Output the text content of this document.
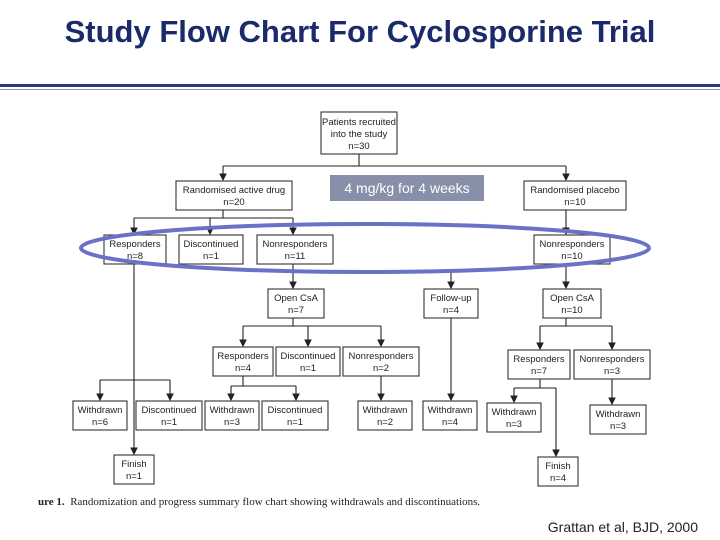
Study Flow Chart For Cyclosporine Trial
Patients recruited
into the study
n=30
Randomised active drug
n=20
Randomised placebo
n=10
Responders
n=8
Discontinued
n=1
Nonresponders
n=11
Nonresponders
n=10
Open CsA
n=7
Follow-up
n=4
Open CsA
n=10
Responders
n=4
Discontinued
n=1
Nonresponders
n=2
Responders
n=7
Nonresponders
n=3
Withdrawn
n=6
Discontinued
n=1
Withdrawn
n=3
Discontinued
n=1
Withdrawn
n=2
Withdrawn
n=4
Withdrawn
n=3
Withdrawn
n=3
Finish
n=1
Finish
n=4
ure 1. Randomization and progress summary flow chart showing withdrawals and discontinuations.
4 mg/kg for 4 weeks
Grattan et al, BJD, 2000
